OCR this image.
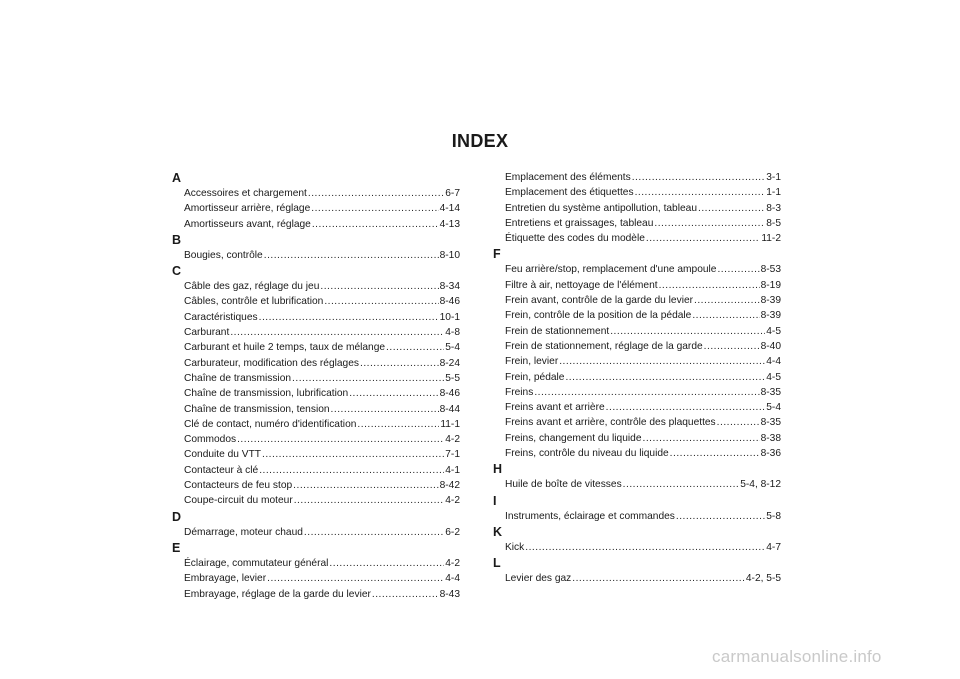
INDEX
A
Accessoires et chargement .....	6-7
Amortisseur arrière, réglage .....	4-14
Amortisseurs avant, réglage .....	4-13
B
Bougies, contrôle .....	8-10
C
Câble des gaz, réglage du jeu .....	8-34
Câbles, contrôle et lubrification .....	8-46
Caractéristiques .....	10-1
Carburant .....	4-8
Carburant et huile 2 temps, taux de mélange .....	5-4
Carburateur, modification des réglages .....	8-24
Chaîne de transmission .....	5-5
Chaîne de transmission, lubrification .....	8-46
Chaîne de transmission, tension .....	8-44
Clé de contact, numéro d'identification .....	11-1
Commodos .....	4-2
Conduite du VTT .....	7-1
Contacteur à clé .....	4-1
Contacteurs de feu stop .....	8-42
Coupe-circuit du moteur .....	4-2
D
Démarrage, moteur chaud .....	6-2
E
Éclairage, commutateur général .....	4-2
Embrayage, levier .....	4-4
Embrayage, réglage de la garde du levier .....	8-43
Emplacement des éléments .....	3-1
Emplacement des étiquettes .....	1-1
Entretien du système antipollution, tableau .....	8-3
Entretiens et graissages, tableau .....	8-5
Étiquette des codes du modèle .....	11-2
F
Feu arrière/stop, remplacement d'une ampoule .....	8-53
Filtre à air, nettoyage de l'élément .....	8-19
Frein avant, contrôle de la garde du levier .....	8-39
Frein, contrôle de la position de la pédale .....	8-39
Frein de stationnement .....	4-5
Frein de stationnement, réglage de la garde .....	8-40
Frein, levier .....	4-4
Frein, pédale .....	4-5
Freins .....	8-35
Freins avant et arrière .....	5-4
Freins avant et arrière, contrôle des plaquettes .....	8-35
Freins, changement du liquide .....	8-38
Freins, contrôle du niveau du liquide .....	8-36
H
Huile de boîte de vitesses .....	5-4, 8-12
I
Instruments, éclairage et commandes .....	5-8
K
Kick .....	4-7
L
Levier des gaz .....	4-2, 5-5
carmanualsonline.info
